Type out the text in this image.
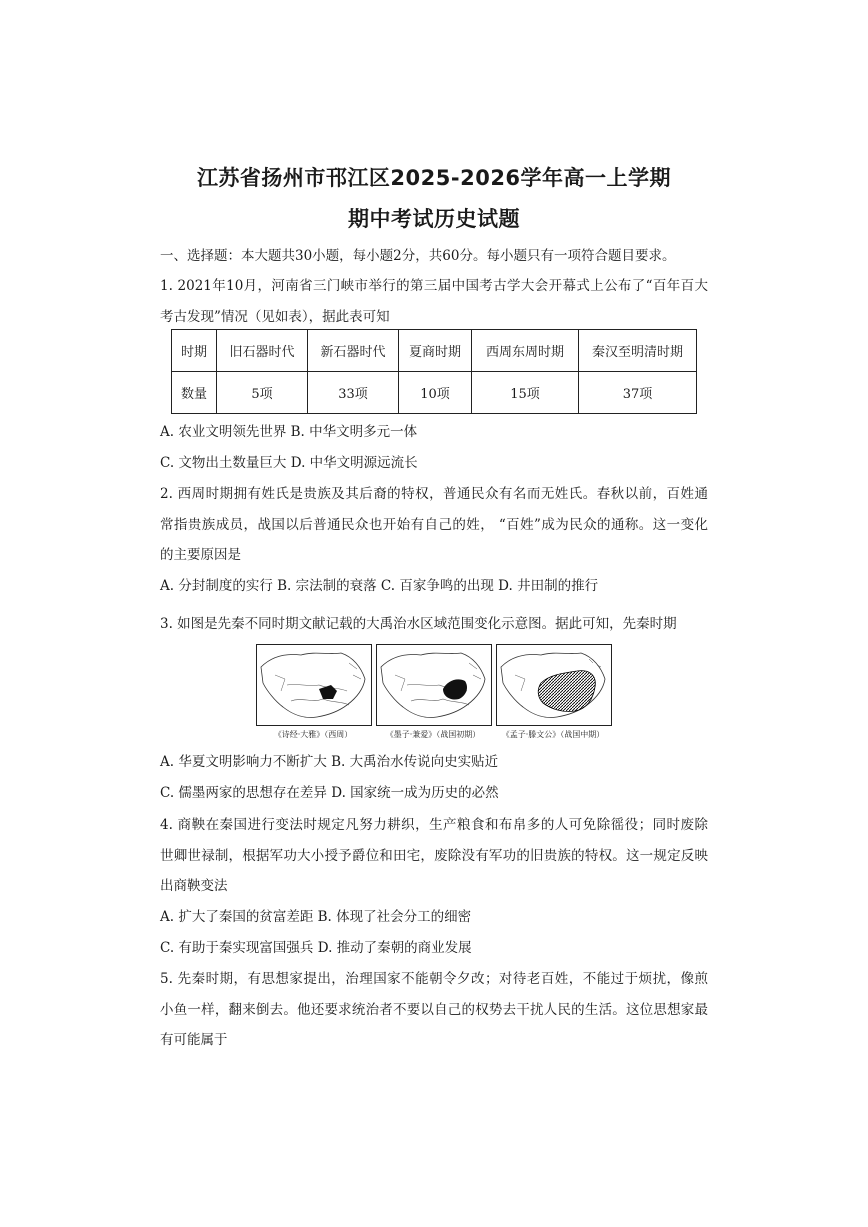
江苏省扬州市邗江区2025-2026学年高一上学期
期中考试历史试题
一、选择题：本大题共30小题，每小题2分，共60分。每小题只有一项符合题目要求。
1. 2021年10月，河南省三门峡市举行的第三届中国考古学大会开幕式上公布了“百年百大
考古发现”情况（见如表），据此表可知
时期	旧石器时代	新石器时代	夏商时期	西周东周时期	秦汉至明清时期
数量	5项	33项	10项	15项	37项
A. 农业文明领先世界 B. 中华文明多元一体
C. 文物出土数量巨大 D. 中华文明源远流长
2. 西周时期拥有姓氏是贵族及其后裔的特权，普通民众有名而无姓氏。春秋以前，百姓通
常指贵族成员，战国以后普通民众也开始有自己的姓， “百姓”成为民众的通称。这一变化
的主要原因是
A. 分封制度的实行 B. 宗法制的衰落 C. 百家争鸣的出现 D. 井田制的推行
3. 如图是先秦不同时期文献记载的大禹治水区域范围变化示意图。据此可知，先秦时期
《诗经·大雅》（西周）	《墨子·兼爱》（战国初期）	《孟子·滕文公》（战国中期）
A. 华夏文明影响力不断扩大 B. 大禹治水传说向史实贴近
C. 儒墨两家的思想存在差异 D. 国家统一成为历史的必然
4. 商鞅在秦国进行变法时规定凡努力耕织，生产粮食和布帛多的人可免除徭役；同时废除
世卿世禄制，根据军功大小授予爵位和田宅，废除没有军功的旧贵族的特权。这一规定反映
出商鞅变法
A. 扩大了秦国的贫富差距 B. 体现了社会分工的细密
C. 有助于秦实现富国强兵 D. 推动了秦朝的商业发展
5. 先秦时期，有思想家提出，治理国家不能朝令夕改；对待老百姓，不能过于烦扰，像煎
小鱼一样，翻来倒去。他还要求统治者不要以自己的权势去干扰人民的生活。这位思想家最
有可能属于
